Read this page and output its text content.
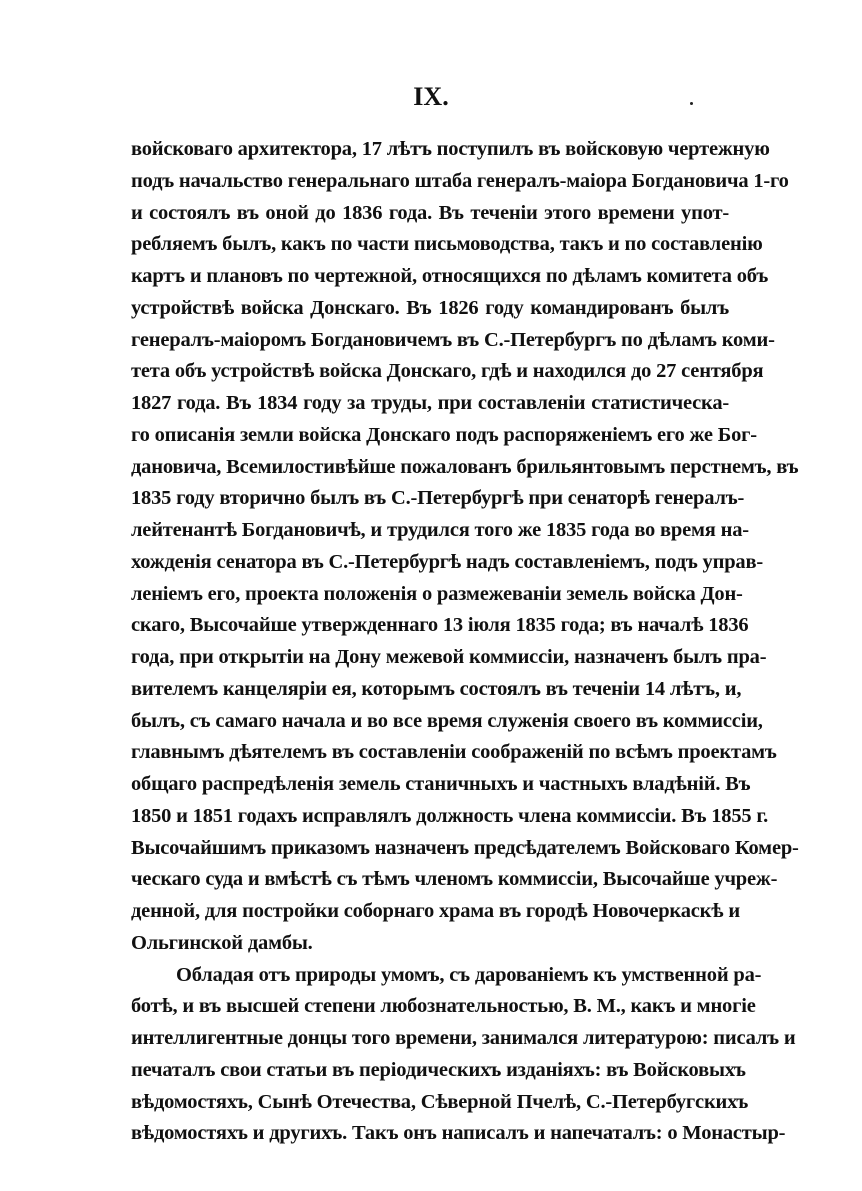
IX.
войсковаго архитектора, 17 лѣтъ поступилъ въ войсковую чертежную
подъ начальство генеральнаго штаба генералъ-маіора Богдановича 1-го
и состоялъ въ оной до 1836 года. Въ теченіи этого времени упот-
ребляемъ былъ, какъ по части письмоводства, такъ и по составленію
картъ и плановъ по чертежной, относящихся по дѣламъ комитета объ
устройствѣ войска Донскаго. Въ 1826 году командированъ былъ
генералъ-маіоромъ Богдановичемъ въ С.-Петербургъ по дѣламъ коми-
тета объ устройствѣ войска Донскаго, гдѣ и находился до 27 сентября
1827 года. Въ 1834 году за труды, при составленіи статистическа-
го описанія земли войска Донскаго подъ распоряженіемъ его же Бог-
дановича, Всемилостивѣйше пожалованъ брильянтовымъ перстнемъ, въ
1835 году вторично былъ въ С.-Петербургѣ при сенаторѣ генералъ-
лейтенантѣ Богдановичѣ, и трудился того же 1835 года во время на-
хожденія сенатора въ С.-Петербургѣ надъ составленіемъ, подъ управ-
леніемъ его, проекта положенія о размежеваніи земель войска Дон-
скаго, Высочайше утвержденнаго 13 іюля 1835 года; въ началѣ 1836
года, при открытіи на Дону межевой коммиссіи, назначенъ былъ пра-
вителемъ канцеляріи ея, которымъ состоялъ въ теченіи 14 лѣтъ, и,
былъ, съ самаго начала и во все время служенія своего въ коммиссіи,
главнымъ дѣятелемъ въ составленіи соображеній по всѣмъ проектамъ
общаго распредѣленія земель станичныхъ и частныхъ владѣній. Въ
1850 и 1851 годахъ исправлялъ должность члена коммиссіи. Въ 1855 г.
Высочайшимъ приказомъ назначенъ предсѣдателемъ Войсковаго Комер-
ческаго суда и вмѣстѣ съ тѣмъ членомъ коммиссіи, Высочайше учреж-
денной, для постройки соборнаго храма въ городѣ Новочеркаскѣ и
Ольгинской дамбы.
Обладая отъ природы умомъ, съ дарованіемъ къ умственной ра-
ботѣ, и въ высшей степени любознательностью, В. М., какъ и многіе
интеллигентные донцы того времени, занимался литературою: писалъ и
печаталъ свои статьи въ періодическихъ изданіяхъ: въ Войсковыхъ
вѣдомостяхъ, Сынѣ Отечества, Сѣверной Пчелѣ, С.-Петербугскихъ
вѣдомостяхъ и другихъ. Такъ онъ написалъ и напечаталъ: о Монастыр-
